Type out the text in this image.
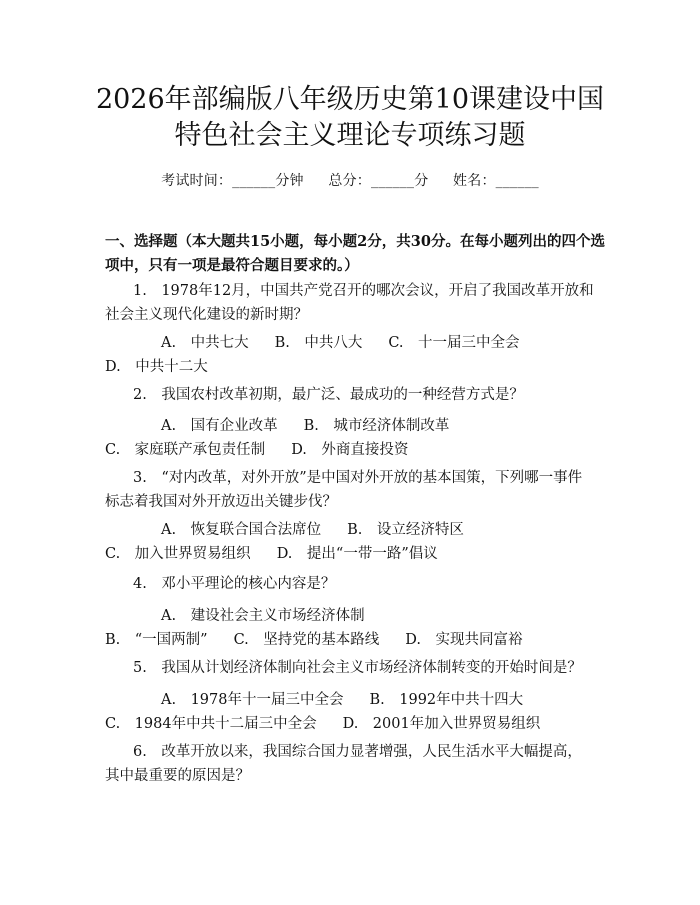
2026年部编版八年级历史第10课建设中国
特色社会主义理论专项练习题
考试时间：______分钟 总分：______分 姓名：______
一、选择题（本大题共15小题，每小题2分，共30分。在每小题列出的四个选项中，只有一项是最符合题目要求的。）
1.　1978年12月，中国共产党召开的哪次会议，开启了我国改革开放和社会主义现代化建设的新时期？
A.　中共七大 B.　中共八大 C.　十一届三中全会D.　中共十二大
2.　我国农村改革初期，最广泛、最成功的一种经营方式是？
A.　国有企业改革 B.　城市经济体制改革C.　家庭联产承包责任制 D.　外商直接投资
3.　“对内改革，对外开放”是中国对外开放的基本国策，下列哪一事件标志着我国对外开放迈出关键步伐？
A.　恢复联合国合法席位 B.　设立经济特区C.　加入世界贸易组织 D.　提出“一带一路”倡议
4.　邓小平理论的核心内容是？
A.　建设社会主义市场经济体制B.　“一国两制” C.　坚持党的基本路线 D.　实现共同富裕
5.　我国从计划经济体制向社会主义市场经济体制转变的开始时间是？
A.　1978年十一届三中全会 B.　1992年中共十四大C.　1984年中共十二届三中全会 D.　2001年加入世界贸易组织
6.　改革开放以来，我国综合国力显著增强，人民生活水平大幅提高，其中最重要的原因是？
